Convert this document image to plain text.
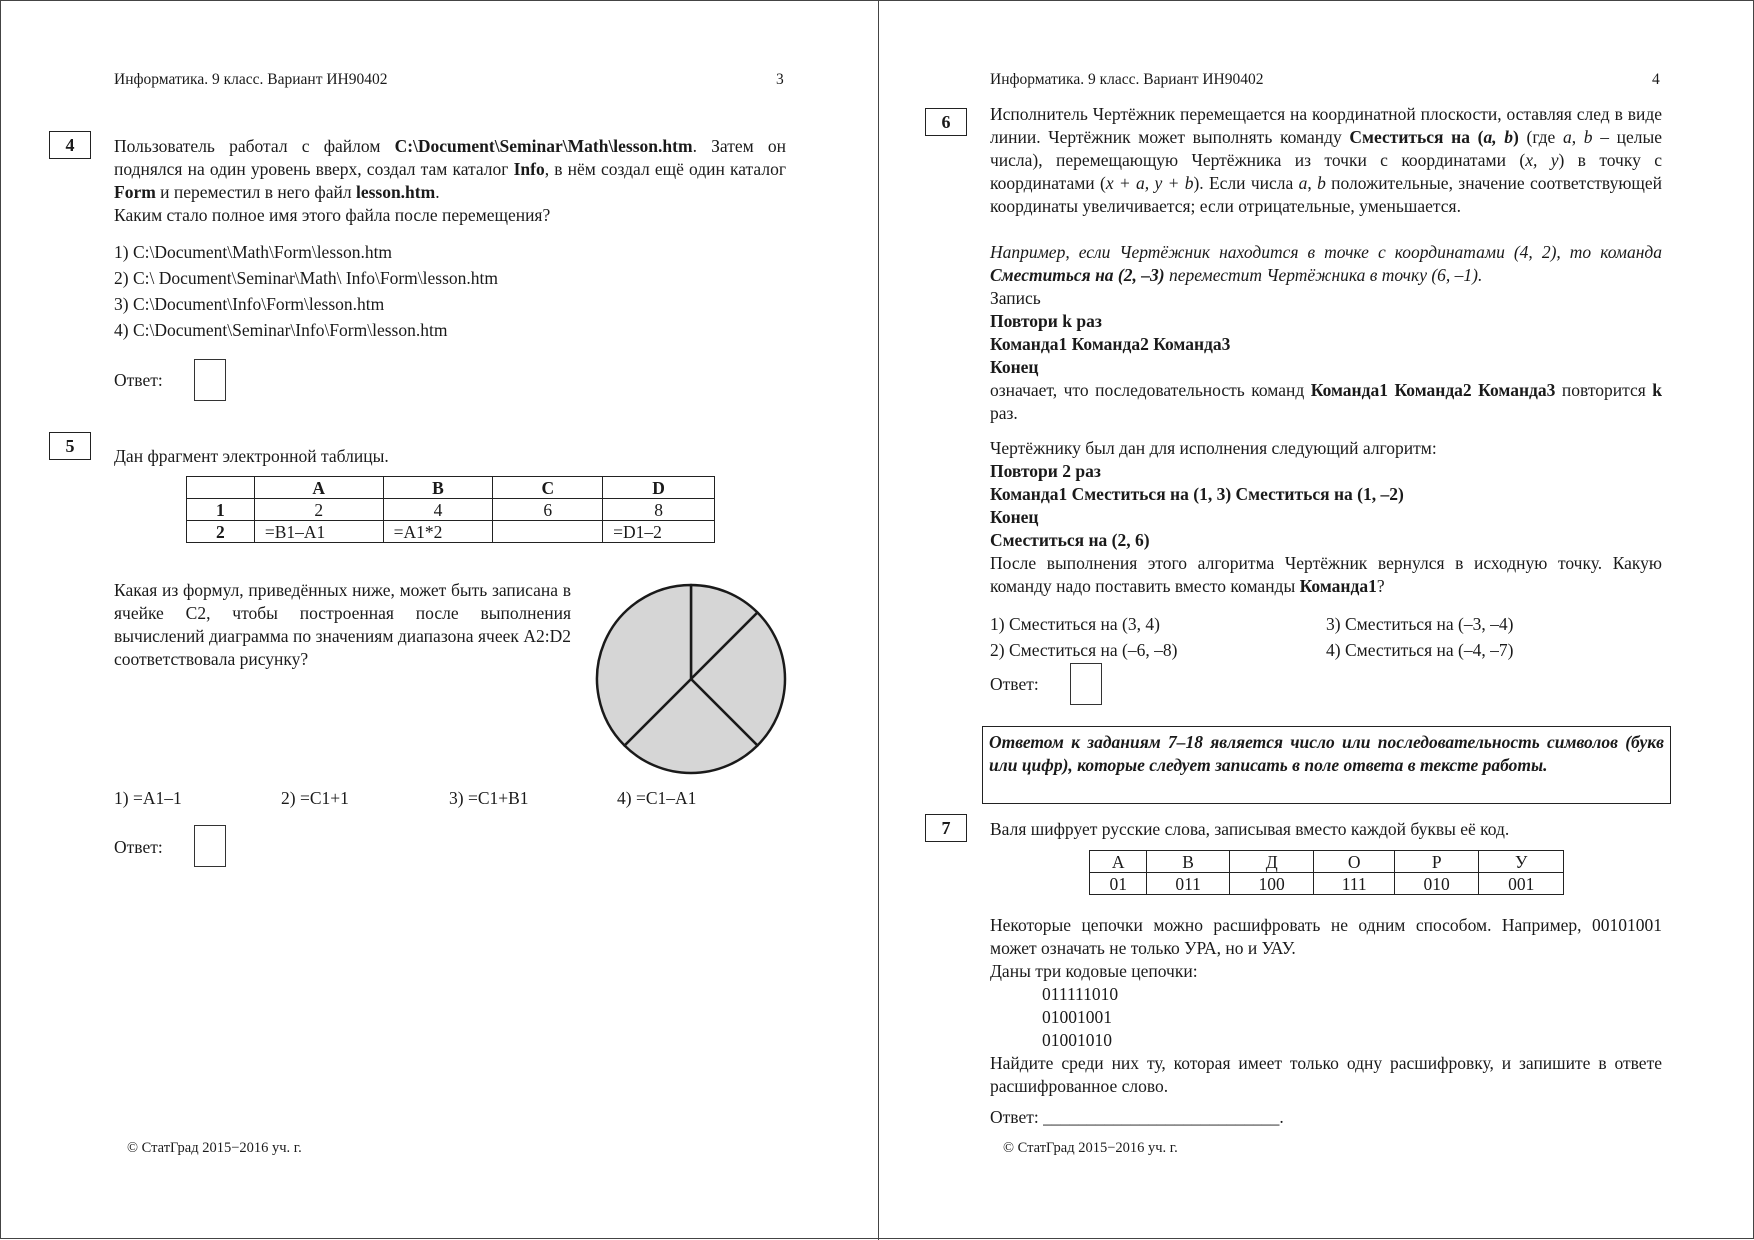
Информатика. 9 класс. Вариант ИН90402	3
4	Пользователь работал с файлом C:\Document\Seminar\Math\lesson.htm. Затем он поднялся на один уровень вверх, создал там каталог Info, в нём создал ещё один каталог Form и переместил в него файл lesson.htm.
Каким стало полное имя этого файла после перемещения?
1) C:\Document\Math\Form\lesson.htm
2) C:\ Document\Seminar\Math\ Info\Form\lesson.htm
3) C:\Document\Info\Form\lesson.htm
4) C:\Document\Seminar\Info\Form\lesson.htm
Ответ:
5	Дан фрагмент электронной таблицы.
	A	B	C	D
1	2	4	6	8
2	=B1–A1	=A1*2		=D1–2
Какая из формул, приведённых ниже, может быть записана в ячейке C2, чтобы построенная после выполнения вычислений диаграмма по значениям диапазона ячеек A2:D2 соответствовала рисунку?
1) =A1–1	2) =C1+1	3) =C1+B1	4) =C1–A1
Ответ:
© СтатГрад 2015−2016 уч. г.
Информатика. 9 класс. Вариант ИН90402	4
6	Исполнитель Чертёжник перемещается на координатной плоскости, оставляя след в виде линии. Чертёжник может выполнять команду Сместиться на (a, b) (где a, b – целые числа), перемещающую Чертёжника из точки с координатами (x, y) в точку с координатами (x + a, y + b). Если числа a, b положительные, значение соответствующей координаты увеличивается; если отрицательные, уменьшается.
Например, если Чертёжник находится в точке с координатами (4, 2), то команда Сместиться на (2, –3) переместит Чертёжника в точку (6, –1).
Запись
Повтори k раз
Команда1 Команда2 Команда3
Конец
означает, что последовательность команд Команда1 Команда2 Команда3 повторится k раз.
Чертёжнику был дан для исполнения следующий алгоритм:
Повтори 2 раз
Команда1 Сместиться на (1, 3) Сместиться на (1, –2)
Конец
Сместиться на (2, 6)
После выполнения этого алгоритма Чертёжник вернулся в исходную точку. Какую команду надо поставить вместо команды Команда1?
1) Сместиться на (3, 4)
2) Сместиться на (–6, –8)
3) Сместиться на (–3, –4)
4) Сместиться на (–4, –7)
Ответ:
Ответом к заданиям 7–18 является число или последовательность символов (букв или цифр), которые следует записать в поле ответа в тексте работы.
7	Валя шифрует русские слова, записывая вместо каждой буквы её код.
А	В	Д	О	Р	У
01	011	100	111	010	001
Некоторые цепочки можно расшифровать не одним способом. Например, 00101001 может означать не только УРА, но и УАУ.
Даны три кодовые цепочки:
011111010
01001001
01001010
Найдите среди них ту, которая имеет только одну расшифровку, и запишите в ответе расшифрованное слово.
Ответ: ___________________________.
© СтатГрад 2015−2016 уч. г.
